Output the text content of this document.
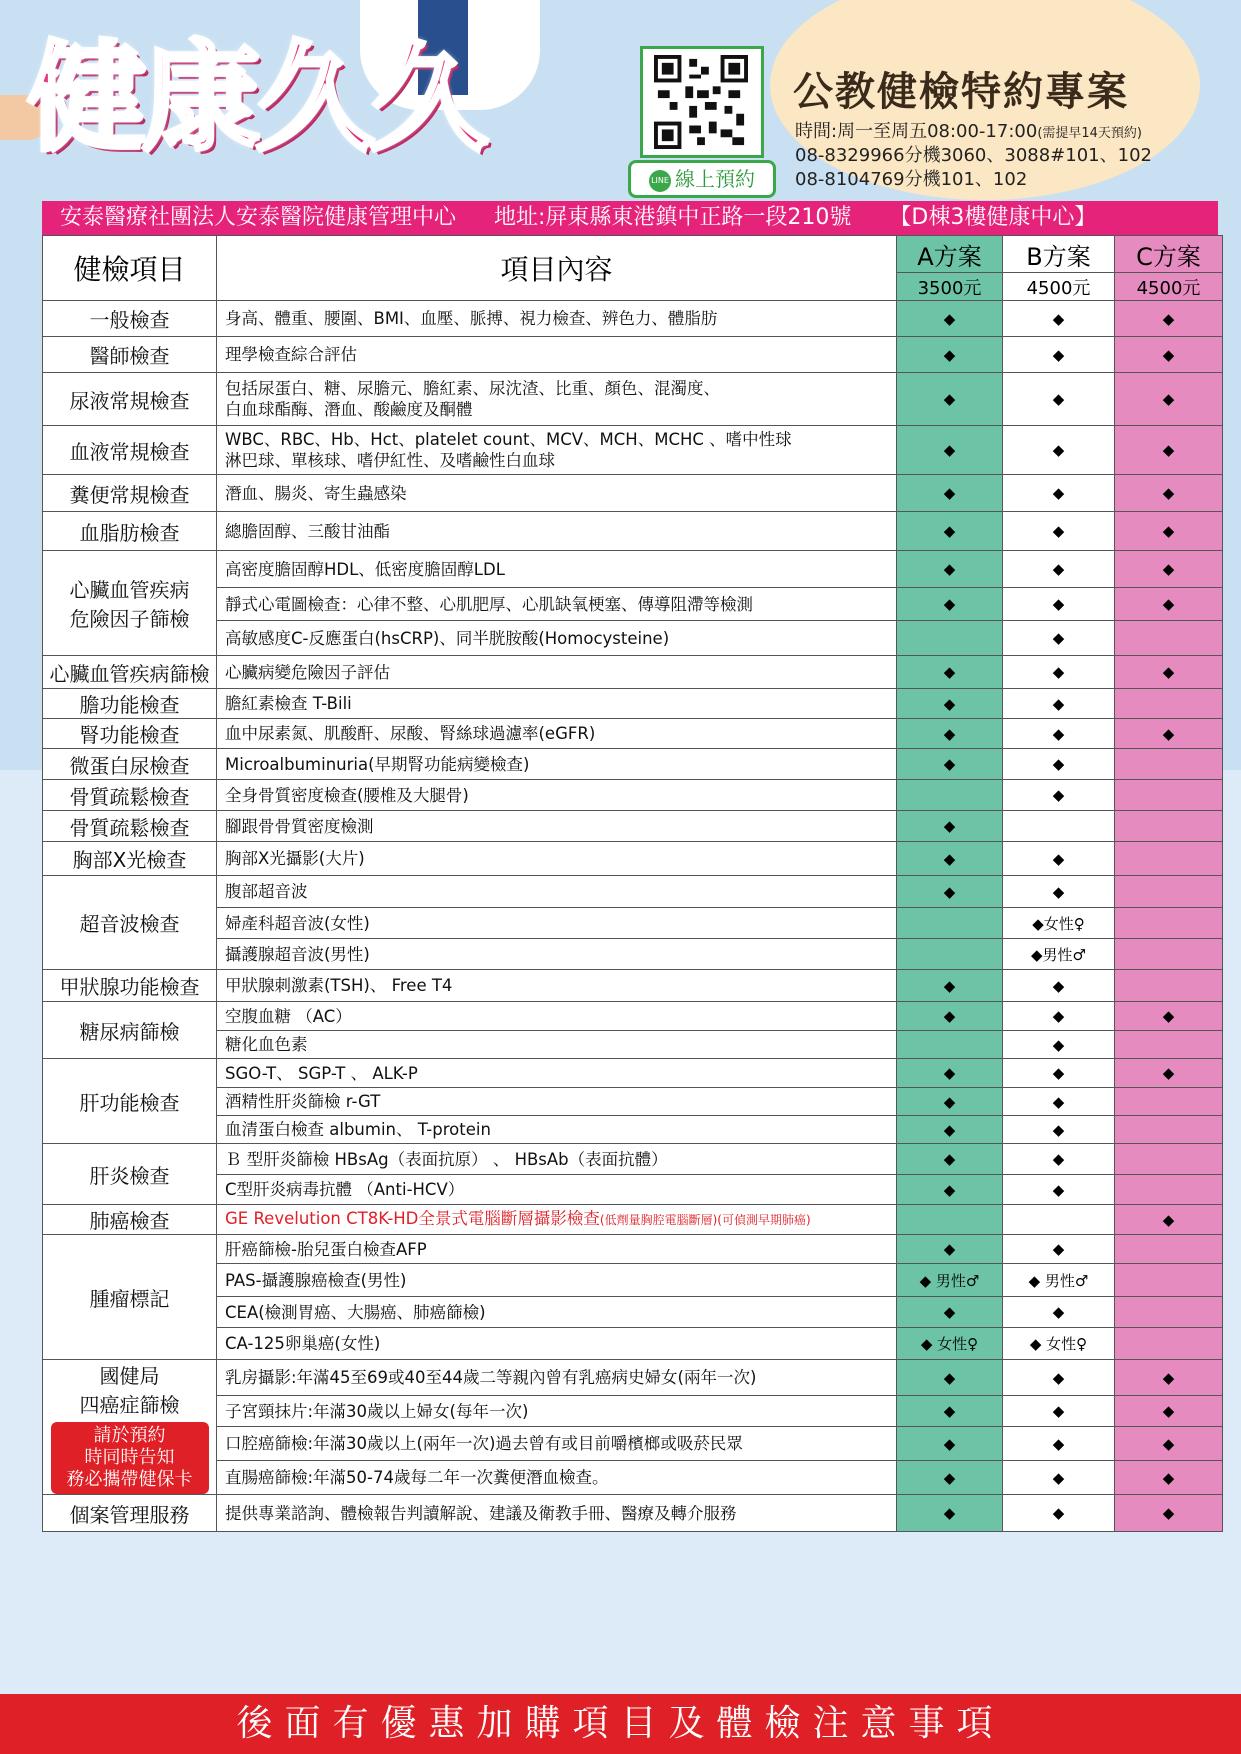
健康久久
LINE 線上預約
公教健檢特約專案
時間:周一至周五08:00-17:00(需提早14天預約)
08-8329966分機3060、3088#101、102
08-8104769分機101、102
安泰醫療社團法人安泰醫院健康管理中心 地址:屏東縣東港鎮中正路一段210號 【D棟3樓健康中心】
健檢項目	項目內容	A方案	B方案	C方案
		3500元	4500元	4500元

一般檢查	身高、體重、腰圍、BMI、血壓、脈搏、視力檢查、辨色力、體脂肪	◆	◆	◆

醫師檢查	理學檢查綜合評估	◆	◆	◆

尿液常規檢查	包括尿蛋白、糖、尿膽元、膽紅素、尿沈渣、比重、顏色、混濁度、
白血球酯酶、潛血、酸鹼度及酮體	◆	◆	◆

血液常規檢查	WBC、RBC、Hb、Hct、platelet count、MCV、MCH、MCHC 、嗜中性球
淋巴球、單核球、嗜伊紅性、及嗜鹼性白血球	◆	◆	◆

糞便常規檢查	潛血、腸炎、寄生蟲感染	◆	◆	◆

血脂肪檢查	總膽固醇、三酸甘油酯	◆	◆	◆

心臟血管疾病
危險因子篩檢	高密度膽固醇HDL、低密度膽固醇LDL	◆	◆	◆

	靜式心電圖檢查：心律不整、心肌肥厚、心肌缺氧梗塞、傳導阻滯等檢測	◆	◆	◆

	高敏感度C-反應蛋白(hsCRP)、同半胱胺酸(Homocysteine)		◆	

心臟血管疾病篩檢	心臟病變危險因子評估	◆	◆	◆

膽功能檢查	膽紅素檢查 T-Bili	◆	◆	

腎功能檢查	血中尿素氮、肌酸酐、尿酸、腎絲球過濾率(eGFR)	◆	◆	◆

微蛋白尿檢查	Microalbuminuria(早期腎功能病變檢查)	◆	◆	

骨質疏鬆檢查	全身骨質密度檢查(腰椎及大腿骨)		◆	

骨質疏鬆檢查	腳跟骨骨質密度檢測	◆		

胸部X光檢查	胸部X光攝影(大片)	◆	◆	

超音波檢查	腹部超音波	◆	◆	

	婦產科超音波(女性)		◆女性♀	

	攝護腺超音波(男性)		◆男性♂	

甲狀腺功能檢查	甲狀腺刺激素(TSH)、 Free T4	◆	◆	

糖尿病篩檢	空腹血糖 （AC）	◆	◆	◆

	糖化血色素		◆	

肝功能檢查	SGO-T、 SGP-T 、 ALK-P	◆	◆	◆

	酒精性肝炎篩檢 r-GT	◆	◆	

	血清蛋白檢查 albumin、 T-protein	◆	◆	

肝炎檢查	Ｂ 型肝炎篩檢 HBsAg（表面抗原） 、 HBsAb（表面抗體）	◆	◆	

	C型肝炎病毒抗體 （Anti-HCV）	◆	◆	

肺癌檢查	GE Revelution CT8K-HD全景式電腦斷層攝影檢查(低劑量胸腔電腦斷層)(可偵測早期肺癌)			◆

腫瘤標記	肝癌篩檢-胎兒蛋白檢查AFP	◆	◆	

	PAS-攝護腺癌檢查(男性)	◆ 男性♂	◆ 男性♂	

	CEA(檢測胃癌、大腸癌、肺癌篩檢)	◆	◆	

	CA-125卵巢癌(女性)	◆ 女性♀	◆ 女性♀	

國健局
四癌症篩檢
請於預約
時同時告知
務必攜帶健保卡	乳房攝影:年滿45至69或40至44歲二等親內曾有乳癌病史婦女(兩年一次)	◆	◆	◆

	子宮頸抹片:年滿30歲以上婦女(每年一次)	◆	◆	◆

	口腔癌篩檢:年滿30歲以上(兩年一次)過去曾有或目前嚼檳榔或吸菸民眾	◆	◆	◆

	直腸癌篩檢:年滿50-74歲每二年一次糞便潛血檢查。	◆	◆	◆

個案管理服務	提供專業諮詢、體檢報告判讀解說、建議及衛教手冊、醫療及轉介服務	◆	◆	◆
後面有優惠加購項目及體檢注意事項
